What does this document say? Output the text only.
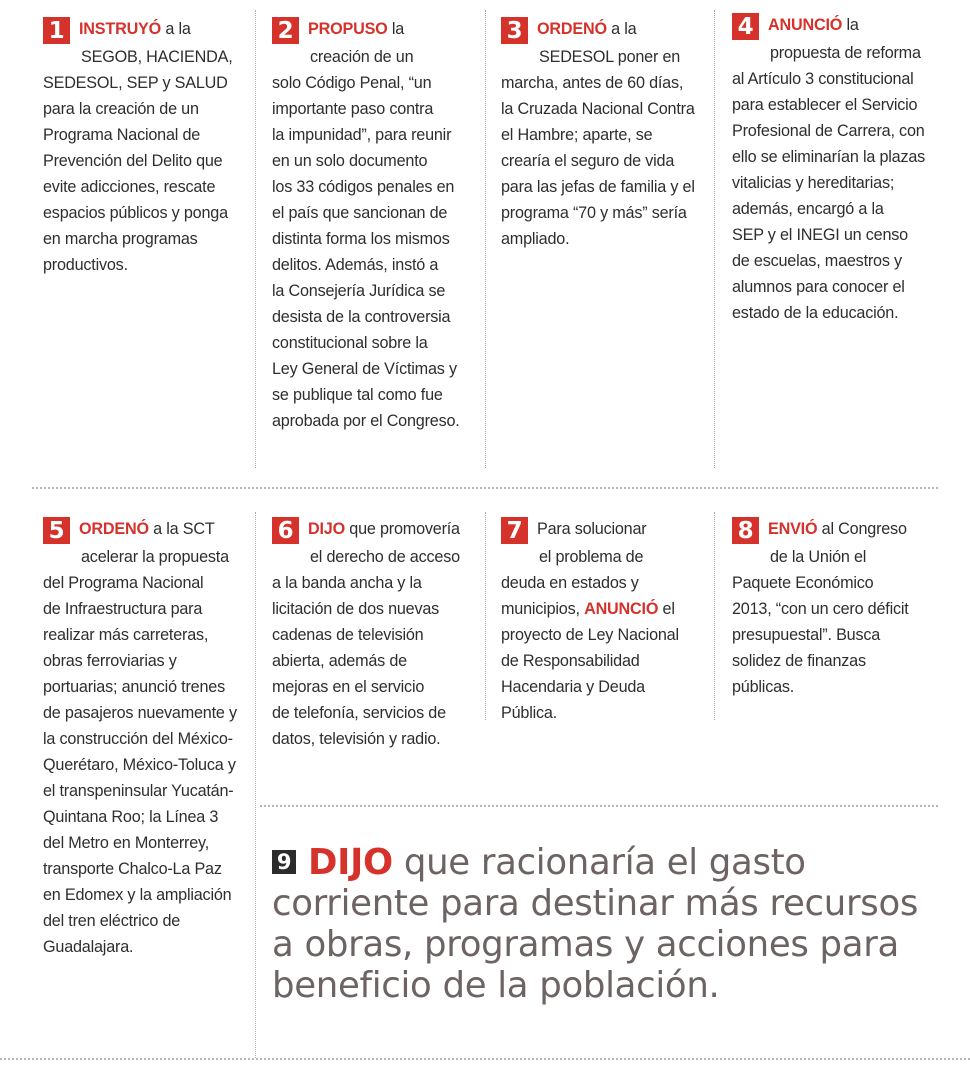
1 INSTRUYÓ a la
SEGOB, HACIENDA,
SEDESOL, SEP y SALUD
para la creación de un
Programa Nacional de
Prevención del Delito que
evite adicciones, rescate
espacios públicos y ponga
en marcha programas
productivos.
2 PROPUSO la
creación de un
solo Código Penal, “un
importante paso contra
la impunidad”, para reunir
en un solo documento
los 33 códigos penales en
el país que sancionan de
distinta forma los mismos
delitos. Además, instó a
la Consejería Jurídica se
desista de la controversia
constitucional sobre la
Ley General de Víctimas y
se publique tal como fue
aprobada por el Congreso.
3 ORDENÓ a la
SEDESOL poner en
marcha, antes de 60 días,
la Cruzada Nacional Contra
el Hambre; aparte, se
crearía el seguro de vida
para las jefas de familia y el
programa “70 y más” sería
ampliado.
4 ANUNCIÓ la
propuesta de reforma
al Artículo 3 constitucional
para establecer el Servicio
Profesional de Carrera, con
ello se eliminarían la plazas
vitalicias y hereditarias;
además, encargó a la
SEP y el INEGI un censo
de escuelas, maestros y
alumnos para conocer el
estado de la educación.
5 ORDENÓ a la SCT
acelerar la propuesta
del Programa Nacional
de Infraestructura para
realizar más carreteras,
obras ferroviarias y
portuarias; anunció trenes
de pasajeros nuevamente y
la construcción del México-
Querétaro, México-Toluca y
el transpeninsular Yucatán-
Quintana Roo; la Línea 3
del Metro en Monterrey,
transporte Chalco-La Paz
en Edomex y la ampliación
del tren eléctrico de
Guadalajara.
6 DIJO que promovería
el derecho de acceso
a la banda ancha y la
licitación de dos nuevas
cadenas de televisión
abierta, además de
mejoras en el servicio
de telefonía, servicios de
datos, televisión y radio.
7 Para solucionar
el problema de
deuda en estados y
municipios, ANUNCIÓ el
proyecto de Ley Nacional
de Responsabilidad
Hacendaria y Deuda
Pública.
8 ENVIÓ al Congreso
de la Unión el
Paquete Económico
2013, “con un cero déficit
presupuestal”. Busca
solidez de finanzas
públicas.
9 DIJO que racionaría el gasto
corriente para destinar más recursos
a obras, programas y acciones para
beneficio de la población.
